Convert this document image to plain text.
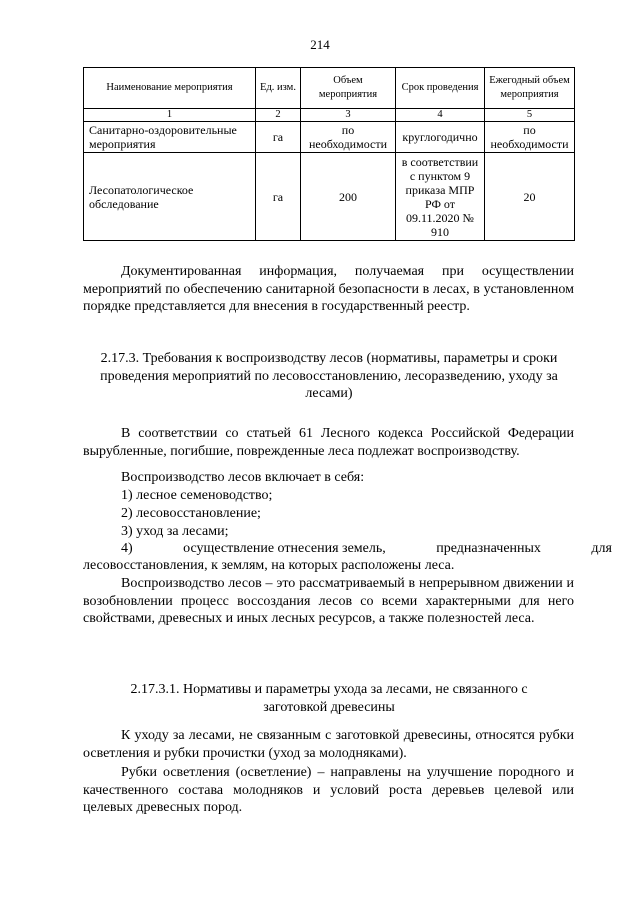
214
Наименование мероприятия	Ед. изм.	Объем мероприятия	Срок проведения	Ежегодный объем мероприятия
1	2	3	4	5
Санитарно-оздоровительные мероприятия	га	по необходимости	круглогодично	по необходимости
Лесопатологическое обследование	га	200	в соответствии с пунктом 9 приказа МПР РФ от 09.11.2020 № 910	20
Документированная информация, получаемая при осуществлении мероприятий по обеспечению санитарной безопасности в лесах, в установленном порядке представляется для внесения в государственный реестр.
2.17.3. Требования к воспроизводству лесов (нормативы, параметры и сроки проведения мероприятий по лесовосстановлению, лесоразведению, уходу за лесами)
В соответствии со статьей 61 Лесного кодекса Российской Федерации вырубленные, погибшие, поврежденные леса подлежат воспроизводству.
Воспроизводство лесов включает в себя:
1) лесное семеноводство;
2) лесовосстановление;
3) уход за лесами;
4)	осуществление отнесения земель,	предназначенных	для
лесовосстановления, к землям, на которых расположены леса.
Воспроизводство лесов – это рассматриваемый в непрерывном движении и возобновлении процесс воссоздания лесов со всеми характерными для него свойствами, древесных и иных лесных ресурсов, а также полезностей леса.
2.17.3.1. Нормативы и параметры ухода за лесами, не связанного с заготовкой древесины
К уходу за лесами, не связанным с заготовкой древесины, относятся рубки осветления и рубки прочистки (уход за молодняками).
Рубки осветления (осветление) – направлены на улучшение породного и качественного состава молодняков и условий роста деревьев целевой или целевых древесных пород.
